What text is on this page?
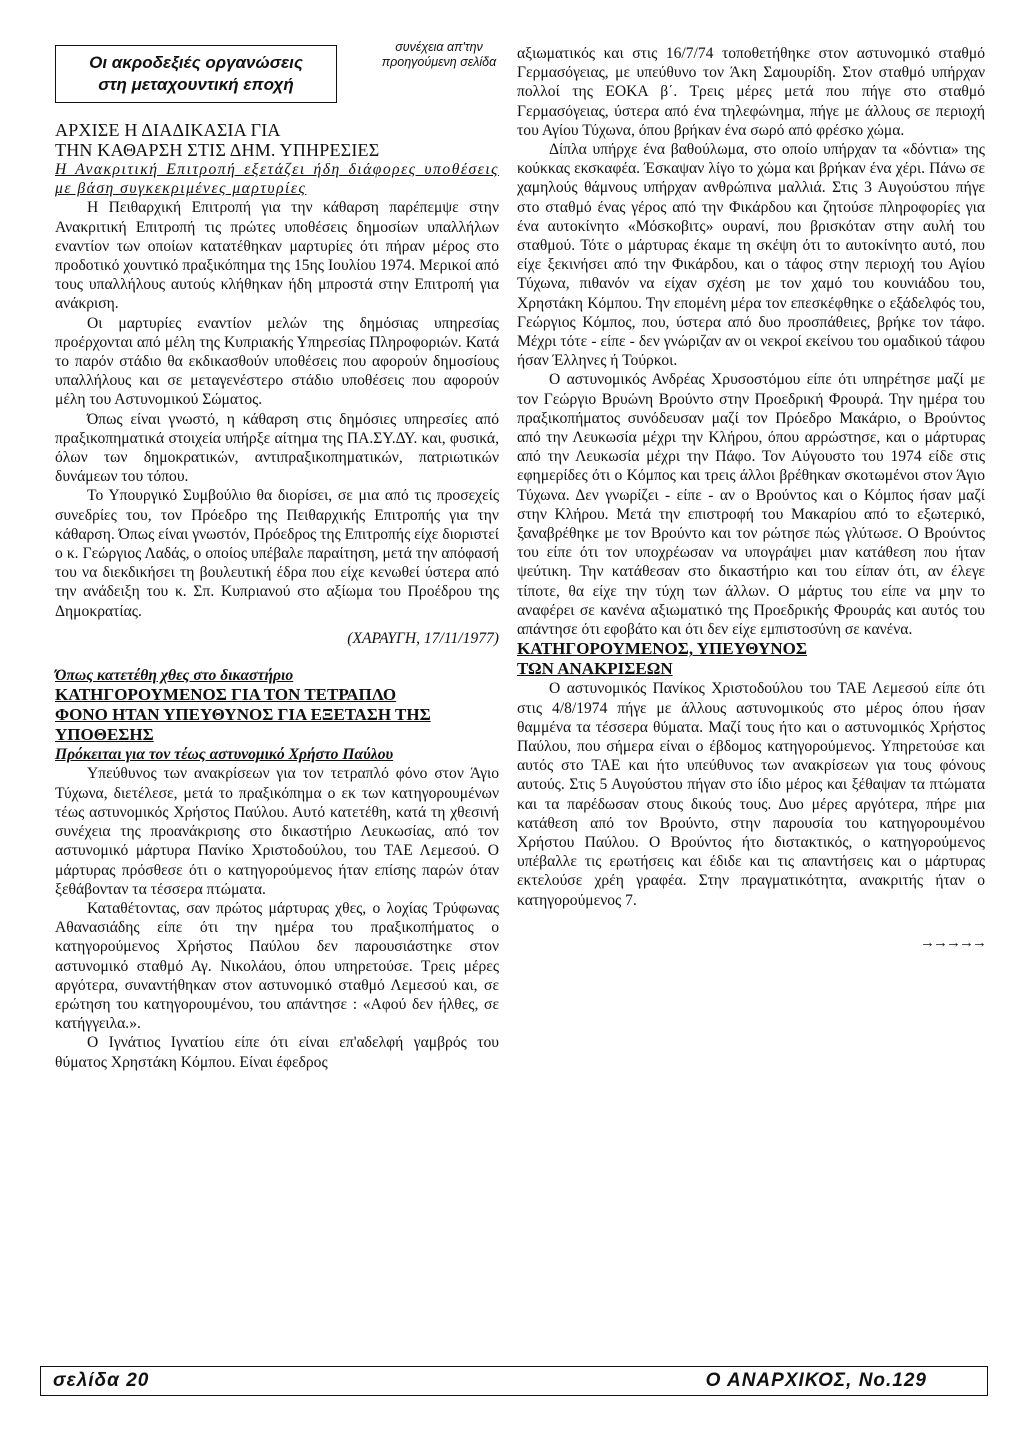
Οι ακροδεξιές οργανώσεις
στη μεταχουντική εποχή
συνέχεια απ'την
προηγούμενη σελίδα

ΑΡΧΙΣΕ Η ΔΙΑΔΙΚΑΣΙΑ ΓΙΑ

ΤΗΝ ΚΑΘΑΡΣΗ ΣΤΙΣ ΔΗΜ. ΥΠΗΡΕΣΙΕΣ

Η Ανακριτική Επιτροπή εξετάζει ήδη διάφορες υποθέσεις με βάση συγκεκριμένες μαρτυρίες

Η Πειθαρχική Επιτροπή για την κάθαρση παρέπεμψε στην Ανακριτική Επιτροπή τις πρώτες υποθέσεις δημοσίων υπαλλήλων εναντίον των οποίων κατατέθηκαν μαρτυρίες ότι πήραν μέρος στο προδοτικό χουντικό πραξικόπημα της 15ης Ιουλίου 1974. Μερικοί από τους υπαλλήλους αυτούς κλήθηκαν ήδη μπροστά στην Επιτροπή για ανάκριση.

Οι μαρτυρίες εναντίον μελών της δημόσιας υπηρεσίας προέρχονται από μέλη της Κυπριακής Υπηρεσίας Πληροφοριών. Κατά το παρόν στάδιο θα εκδικασθούν υποθέσεις που αφορούν δημοσίους υπαλλήλους και σε μεταγενέστερο στάδιο υποθέσεις που αφορούν μέλη του Αστυνομικού Σώματος.

Όπως είναι γνωστό, η κάθαρση στις δημόσιες υπηρεσίες από πραξικοπηματικά στοιχεία υπήρξε αίτημα της ΠΑ.ΣΥ.ΔΥ. και, φυσικά, όλων των δημοκρατικών, αντιπραξικοπηματικών, πατριωτικών δυνάμεων του τόπου.

Το Υπουργικό Συμβούλιο θα διορίσει, σε μια από τις προσεχείς συνεδρίες του, τον Πρόεδρο της Πειθαρχικής Επιτροπής για την κάθαρση. Όπως είναι γνωστόν, Πρόεδρος της Επιτροπής είχε διοριστεί ο κ. Γεώργιος Λαδάς, ο οποίος υπέβαλε παραίτηση, μετά την απόφασή του να διεκδικήσει τη βουλευτική έδρα που είχε κενωθεί ύστερα από την ανάδειξη του κ. Σπ. Κυπριανού στο αξίωμα του Προέδρου της Δημοκρατίας.

(ΧΑΡΑΥΓΗ, 17/11/1977)

Όπως κατετέθη χθες στο δικαστήριο

ΚΑΤΗΓΟΡΟΥΜΕΝΟΣ ΓΙΑ ΤΟΝ ΤΕΤΡΑΠΛΟ

ΦΟΝΟ ΗΤΑΝ ΥΠΕΥΘΥΝΟΣ ΓΙΑ ΕΞΕΤΑΣΗ ΤΗΣ

ΥΠΟΘΕΣΗΣ

Πρόκειται για τον τέως αστυνομικό Χρήστο Παύλου

Υπεύθυνος των ανακρίσεων για τον τετραπλό φόνο στον Άγιο Τύχωνα, διετέλεσε, μετά το πραξικόπημα ο εκ των κατηγορουμένων τέως αστυνομικός Χρήστος Παύλου. Αυτό κατετέθη, κατά τη χθεσινή συνέχεια της προανάκρισης στο δικαστήριο Λευκωσίας, από τον αστυνομικό μάρτυρα Πανίκο Χριστοδούλου, του ΤΑΕ Λεμεσού. Ο μάρτυρας πρόσθεσε ότι ο κατηγορούμενος ήταν επίσης παρών όταν ξεθάβονταν τα τέσσερα πτώματα.

Καταθέτοντας, σαν πρώτος μάρτυρας χθες, ο λοχίας Τρύφωνας Αθανασιάδης είπε ότι την ημέρα του πραξικοπήματος ο κατηγορούμενος Χρήστος Παύλου δεν παρουσιάστηκε στον αστυνομικό σταθμό Αγ. Νικολάου, όπου υπηρετούσε. Τρεις μέρες αργότερα, συναντήθηκαν στον αστυνομικό σταθμό Λεμεσού και, σε ερώτηση του κατηγορουμένου, του απάντησε : «Αφού δεν ήλθες, σε κατήγγειλα.».

Ο Ιγνάτιος Ιγνατίου είπε ότι είναι επ'αδελφή γαμβρός του θύματος Χρηστάκη Κόμπου. Είναι έφεδρος

αξιωματικός και στις 16/7/74 τοποθετήθηκε στον αστυνομικό σταθμό Γερμασόγειας, με υπεύθυνο τον Άκη Σαμουρίδη. Στον σταθμό υπήρχαν πολλοί της ΕΟΚΑ β΄. Τρεις μέρες μετά που πήγε στο σταθμό Γερμασόγειας, ύστερα από ένα τηλεφώνημα, πήγε με άλλους σε περιοχή του Αγίου Τύχωνα, όπου βρήκαν ένα σωρό από φρέσκο χώμα.

Δίπλα υπήρχε ένα βαθούλωμα, στο οποίο υπήρχαν τα «δόντια» της κούκκας εκσκαφέα. Έσκαψαν λίγο το χώμα και βρήκαν ένα χέρι. Πάνω σε χαμηλούς θάμνους υπήρχαν ανθρώπινα μαλλιά. Στις 3 Αυγούστου πήγε στο σταθμό ένας γέρος από την Φικάρδου και ζητούσε πληροφορίες για ένα αυτοκίνητο «Μόσκοβιτς» ουρανί, που βρισκόταν στην αυλή του σταθμού. Τότε ο μάρτυρας έκαμε τη σκέψη ότι το αυτοκίνητο αυτό, που είχε ξεκινήσει από την Φικάρδου, και ο τάφος στην περιοχή του Αγίου Τύχωνα, πιθανόν να είχαν σχέση με τον χαμό του κουνιάδου του, Χρηστάκη Κόμπου. Την επομένη μέρα τον επεσκέφθηκε ο εξάδελφός του, Γεώργιος Κόμπος, που, ύστερα από δυο προσπάθειες, βρήκε τον τάφο. Μέχρι τότε - είπε - δεν γνώριζαν αν οι νεκροί εκείνου του ομαδικού τάφου ήσαν Έλληνες ή Τούρκοι.

Ο αστυνομικός Ανδρέας Χρυσοστόμου είπε ότι υπηρέτησε μαζί με τον Γεώργιο Βρυώνη Βρούντο στην Προεδρική Φρουρά. Την ημέρα του πραξικοπήματος συνόδευσαν μαζί τον Πρόεδρο Μακάριο, ο Βρούντος από την Λευκωσία μέχρι την Κλήρου, όπου αρρώστησε, και ο μάρτυρας από την Λευκωσία μέχρι την Πάφο. Τον Αύγουστο του 1974 είδε στις εφημερίδες ότι ο Κόμπος και τρεις άλλοι βρέθηκαν σκοτωμένοι στον Άγιο Τύχωνα. Δεν γνωρίζει - είπε - αν ο Βρούντος και ο Κόμπος ήσαν μαζί στην Κλήρου. Μετά την επιστροφή του Μακαρίου από το εξωτερικό, ξαναβρέθηκε με τον Βρούντο και τον ρώτησε πώς γλύτωσε. Ο Βρούντος του είπε ότι τον υποχρέωσαν να υπογράψει μιαν κατάθεση που ήταν ψεύτικη. Την κατάθεσαν στο δικαστήριο και του είπαν ότι, αν έλεγε τίποτε, θα είχε την τύχη των άλλων. Ο μάρτυς του είπε να μην το αναφέρει σε κανένα αξιωματικό της Προεδρικής Φρουράς και αυτός του απάντησε ότι εφοβάτο και ότι δεν είχε εμπιστοσύνη σε κανένα.

ΚΑΤΗΓΟΡΟΥΜΕΝΟΣ, ΥΠΕΥΘΥΝΟΣ

ΤΩΝ ΑΝΑΚΡΙΣΕΩΝ

Ο αστυνομικός Πανίκος Χριστοδούλου του ΤΑΕ Λεμεσού είπε ότι στις 4/8/1974 πήγε με άλλους αστυνομικούς στο μέρος όπου ήσαν θαμμένα τα τέσσερα θύματα. Μαζί τους ήτο και ο αστυνομικός Χρήστος Παύλου, που σήμερα είναι ο έβδομος κατηγορούμενος. Υπηρετούσε και αυτός στο ΤΑΕ και ήτο υπεύθυνος των ανακρίσεων για τους φόνους αυτούς. Στις 5 Αυγούστου πήγαν στο ίδιο μέρος και ξέθαψαν τα πτώματα και τα παρέδωσαν στους δικούς τους. Δυο μέρες αργότερα, πήρε μια κατάθεση από τον Βρούντο, στην παρουσία του κατηγορουμένου Χρήστου Παύλου. Ο Βρούντος ήτο διστακτικός, ο κατηγορούμενος υπέβαλλε τις ερωτήσεις και έδιδε και τις απαντήσεις και ο μάρτυρας εκτελούσε χρέη γραφέα. Στην πραγματικότητα, ανακριτής ήταν ο κατηγορούμενος 7.

→→→→→
σελίδα 20	Ο ΑΝΑΡΧΙΚΟΣ, Νο.129
